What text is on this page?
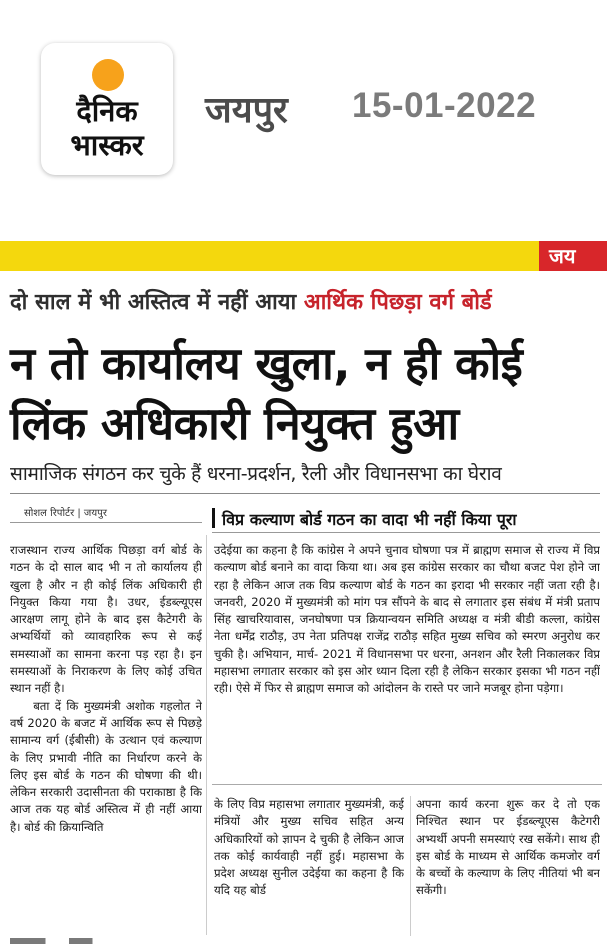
दैनिक
भास्कर
जयपुर 15-01-2022
जय
दो साल में भी अस्तित्व में नहीं आया आर्थिक पिछड़ा वर्ग बोर्ड
न तो कार्यालय खुला, न ही कोई
लिंक अधिकारी नियुक्त हुआ
सामाजिक संगठन कर चुके हैं धरना-प्रदर्शन, रैली और विधानसभा का घेराव
सोशल रिपोर्टर | जयपुर	विप्र कल्याण बोर्ड गठन का वादा भी नहीं किया पूरा

राजस्थान राज्य आर्थिक पिछड़ा वर्ग बोर्ड के गठन के दो साल बाद भी न तो कार्यालय ही खुला है और न ही कोई लिंक अधिकारी ही नियुक्त किया गया है। उधर, ईडब्ल्यूएस आरक्षण लागू होने के बाद इस कैटेगरी के अभ्यर्थियों को व्यावहारिक रूप से कई समस्याओं का सामना करना पड़ रहा है। इन समस्याओं के निराकरण के लिए कोई उचित स्थान नहीं है।

बता दें कि मुख्यमंत्री अशोक गहलोत ने वर्ष 2020 के बजट में आर्थिक रूप से पिछड़े सामान्य वर्ग (ईबीसी) के उत्थान एवं कल्याण के लिए प्रभावी नीति का निर्धारण करने के लिए इस बोर्ड के गठन की घोषणा की थी। लेकिन सरकारी उदासीनता की पराकाष्ठा है कि आज तक यह बोर्ड अस्तित्व में ही नहीं आया है। बोर्ड की क्रियान्विति

उदेईया का कहना है कि कांग्रेस ने अपने चुनाव घोषणा पत्र में ब्राह्मण समाज से राज्य में विप्र कल्याण बोर्ड बनाने का वादा किया था। अब इस कांग्रेस सरकार का चौथा बजट पेश होने जा रहा है लेकिन आज तक विप्र कल्याण बोर्ड के गठन का इरादा भी सरकार नहीं जता रही है। जनवरी, 2020 में मुख्यमंत्री को मांग पत्र सौंपने के बाद से लगातार इस संबंध में मंत्री प्रताप सिंह खाचरियावास, जनघोषणा पत्र क्रियान्वयन समिति अध्यक्ष व मंत्री बीडी कल्ला, कांग्रेस नेता धर्मेंद्र राठौड़, उप नेता प्रतिपक्ष राजेंद्र राठौड़ सहित मुख्य सचिव को स्मरण अनुरोध कर चुकी है। अभियान, मार्च- 2021 में विधानसभा पर धरना, अनशन और रैली निकालकर विप्र महासभा लगातार सरकार को इस ओर ध्यान दिला रही है लेकिन सरकार इसका भी गठन नहीं रही। ऐसे में फिर से ब्राह्मण समाज को आंदोलन के रास्ते पर जाने मजबूर होना पड़ेगा।

के लिए विप्र महासभा लगातार मुख्यमंत्री, कई मंत्रियों और मुख्य सचिव सहित अन्य अधिकारियों को ज्ञापन दे चुकी है लेकिन आज तक कोई कार्यवाही नहीं हुई। महासभा के प्रदेश अध्यक्ष सुनील उदेईया का कहना है कि यदि यह बोर्ड

अपना कार्य करना शुरू कर दे तो एक निश्चित स्थान पर ईडब्ल्यूएस कैटेगरी अभ्यर्थी अपनी समस्याएं रख सकेंगे। साथ ही इस बोर्ड के माध्यम से आर्थिक कमजोर वर्ग के बच्चों के कल्याण के लिए नीतियां भी बन सकेंगी।
